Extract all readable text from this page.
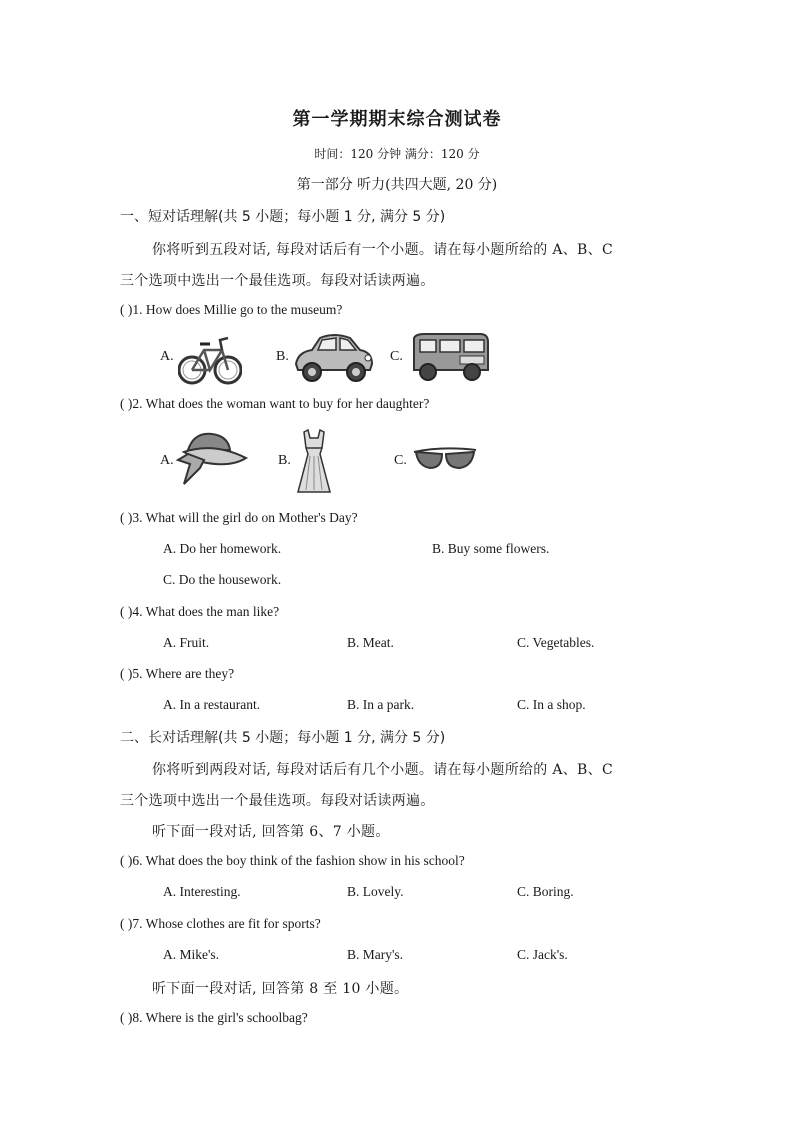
第一学期期末综合测试卷
时间：120 分钟 满分：120 分
第一部分 听力(共四大题, 20 分)
一、短对话理解(共 5 小题；每小题 1 分, 满分 5 分)
你将听到五段对话, 每段对话后有一个小题。请在每小题所给的 A、B、C
三个选项中选出一个最佳选项。每段对话读两遍。
( )1. How does Millie go to the museum?
A.	B.	C.
( )2. What does the woman want to buy for her daughter?
A.	B.	C.
( )3. What will the girl do on Mother's Day?
A. Do her homework.	B. Buy some flowers.
C. Do the housework.
( )4. What does the man like?
A. Fruit.	B. Meat.	C. Vegetables.
( )5. Where are they?
A. In a restaurant.	B. In a park.	C. In a shop.
二、长对话理解(共 5 小题；每小题 1 分, 满分 5 分)
你将听到两段对话, 每段对话后有几个小题。请在每小题所给的 A、B、C
三个选项中选出一个最佳选项。每段对话读两遍。
听下面一段对话, 回答第 6、7 小题。
( )6. What does the boy think of the fashion show in his school?
A. Interesting.	B. Lovely.	C. Boring.
( )7. Whose clothes are fit for sports?
A. Mike's.	B. Mary's.	C. Jack's.
听下面一段对话, 回答第 8 至 10 小题。
( )8. Where is the girl's schoolbag?
